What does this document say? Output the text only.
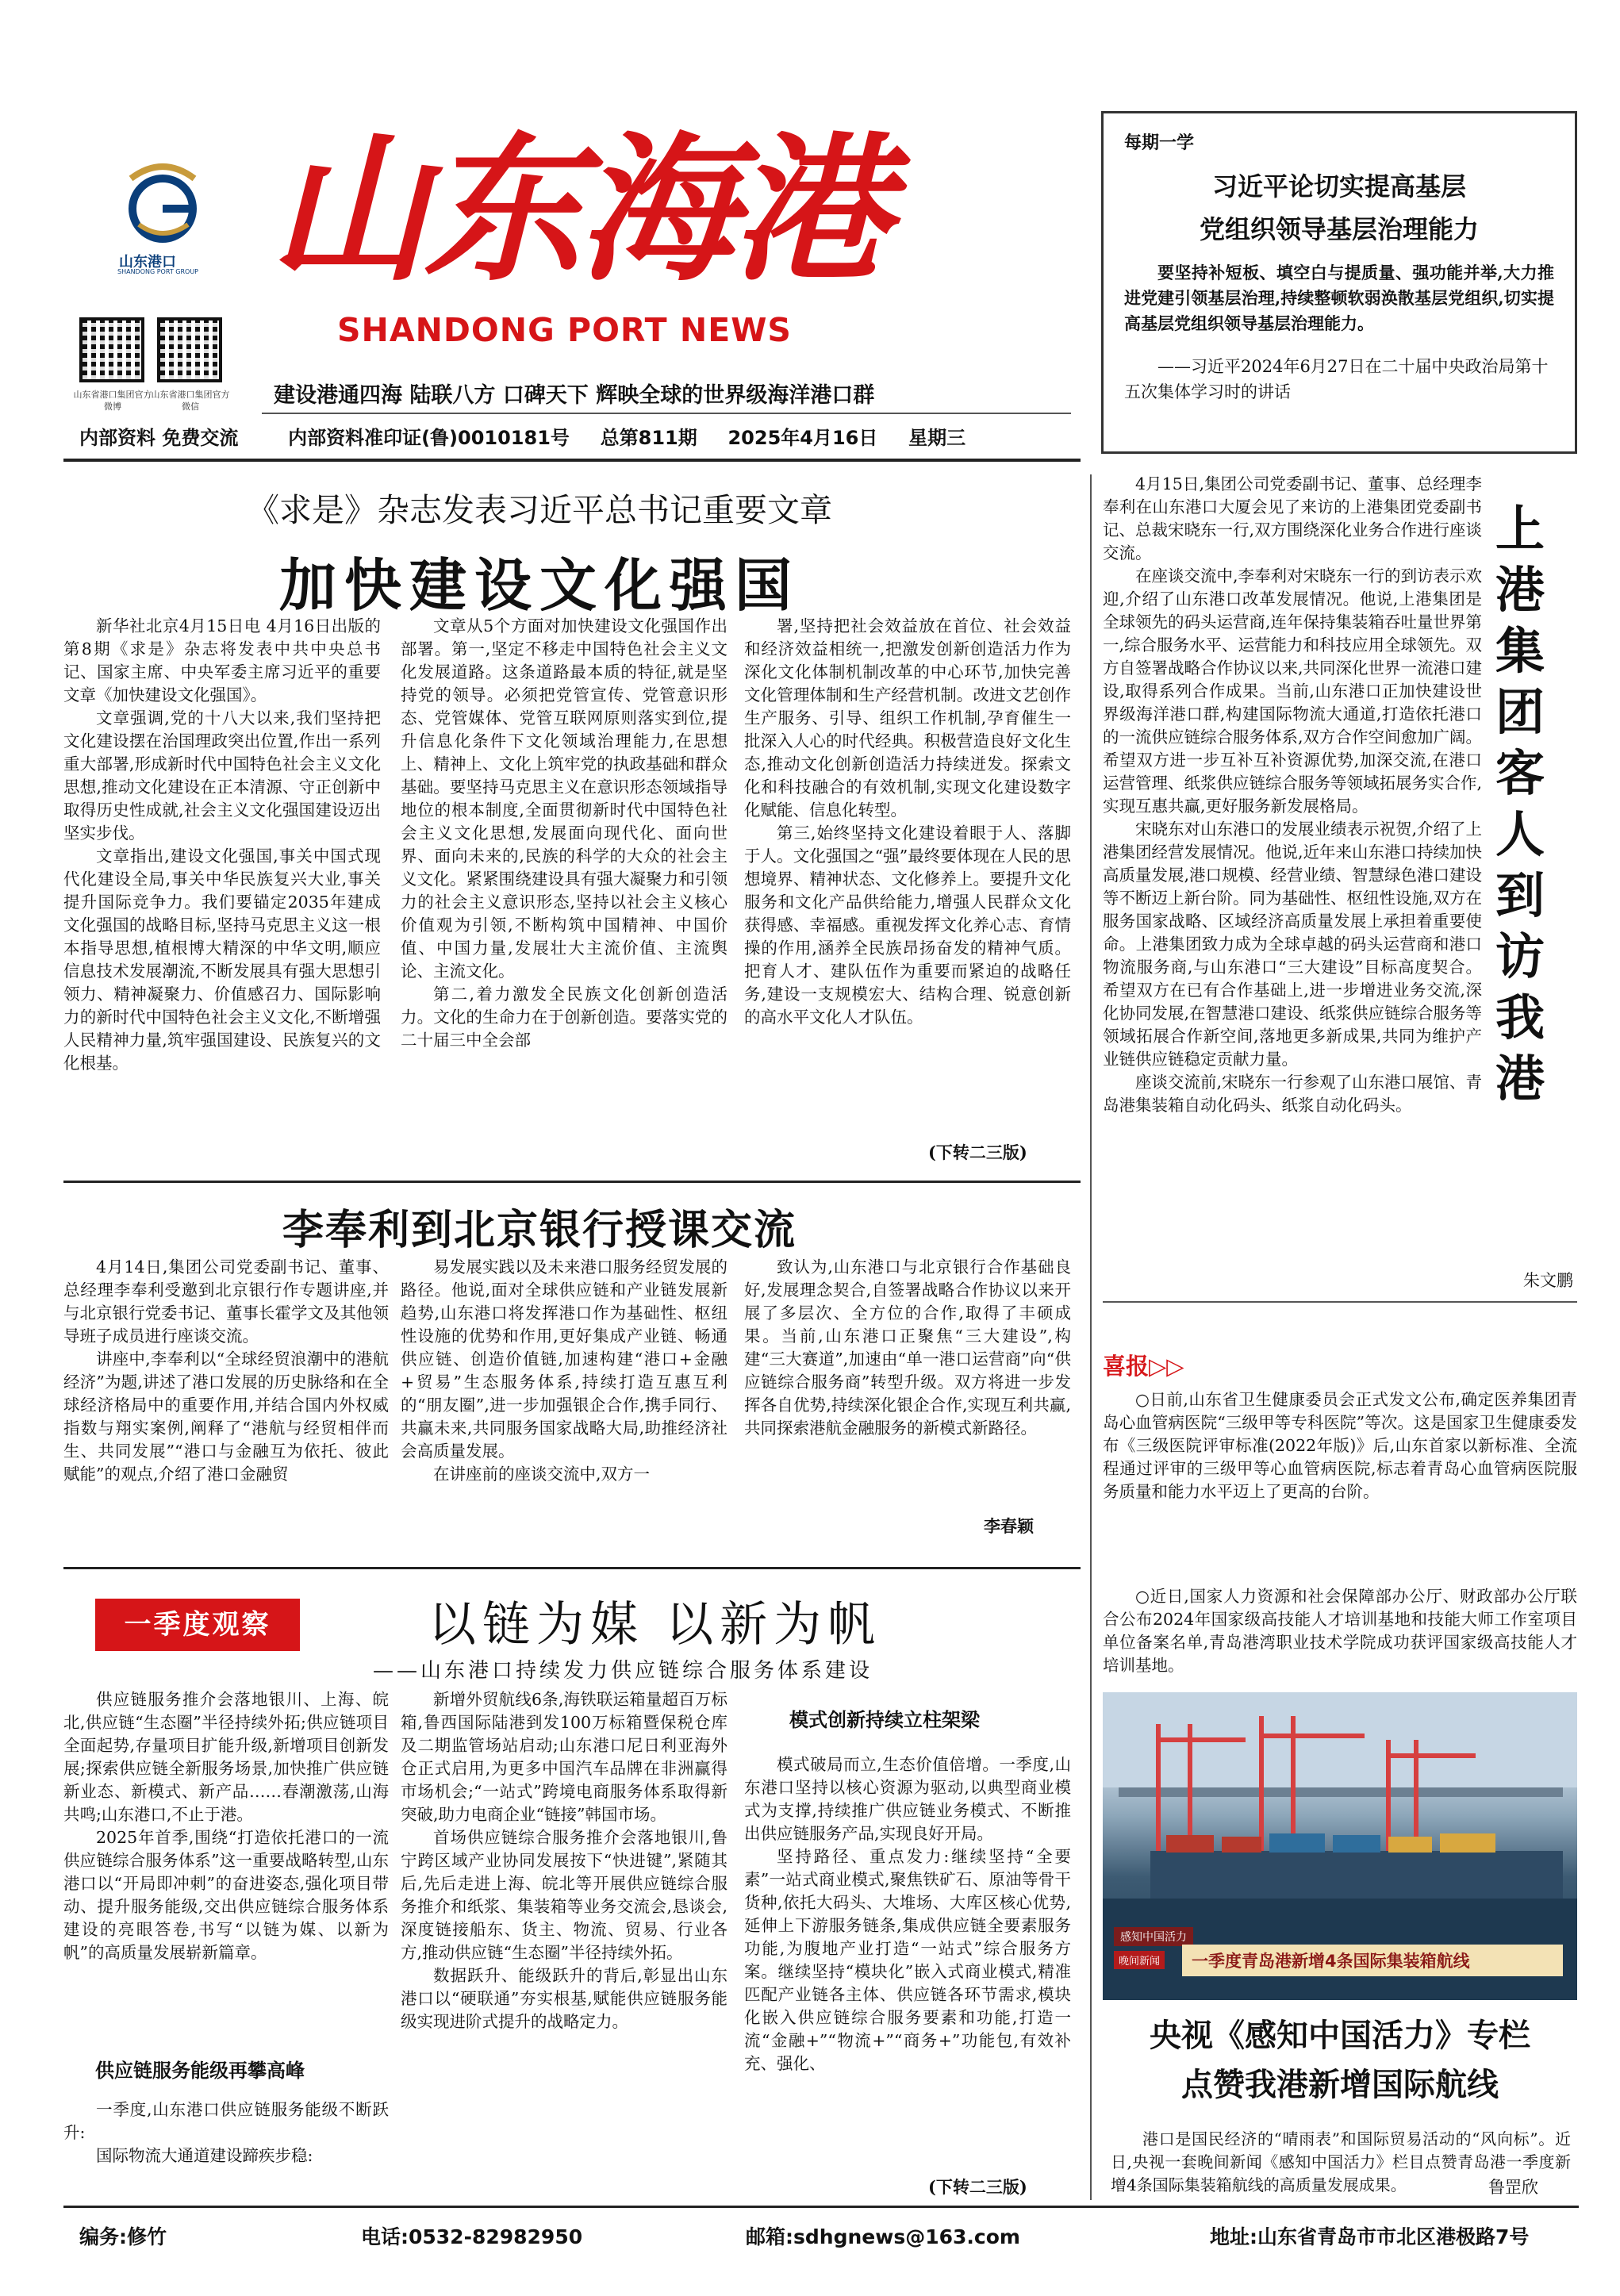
山东港口
SHANDONG PORT GROUP 山东海港
SHANDONG PORT NEWS
山东省港口集团官方微博
山东省港口集团官方微信	建设港通四海 陆联八方 口碑天下 辉映全球的世界级海洋港口群
内部资料 免费交流	内部资料准印证(鲁)0010181号 总第811期 2025年4月16日 星期三
每期一学
习近平论切实提高基层
党组织领导基层治理能力
要坚持补短板、填空白与提质量、强功能并举,大力推进党建引领基层治理,持续整顿软弱涣散基层党组织,切实提高基层党组织领导基层治理能力。
——习近平2024年6月27日在二十届中央政治局第十五次集体学习时的讲话
《求是》杂志发表习近平总书记重要文章
加快建设文化强国

新华社北京4月15日电 4月16日出版的第8期《求是》杂志将发表中共中央总书记、国家主席、中央军委主席习近平的重要文章《加快建设文化强国》。

文章强调,党的十八大以来,我们坚持把文化建设摆在治国理政突出位置,作出一系列重大部署,形成新时代中国特色社会主义文化思想,推动文化建设在正本清源、守正创新中取得历史性成就,社会主义文化强国建设迈出坚实步伐。

文章指出,建设文化强国,事关中国式现代化建设全局,事关中华民族复兴大业,事关提升国际竞争力。我们要锚定2035年建成文化强国的战略目标,坚持马克思主义这一根本指导思想,植根博大精深的中华文明,顺应信息技术发展潮流,不断发展具有强大思想引领力、精神凝聚力、价值感召力、国际影响力的新时代中国特色社会主义文化,不断增强人民精神力量,筑牢强国建设、民族复兴的文化根基。

文章从5个方面对加快建设文化强国作出部署。第一,坚定不移走中国特色社会主义文化发展道路。这条道路最本质的特征,就是坚持党的领导。必须把党管宣传、党管意识形态、党管媒体、党管互联网原则落实到位,提升信息化条件下文化领域治理能力,在思想上、精神上、文化上筑牢党的执政基础和群众基础。要坚持马克思主义在意识形态领域指导地位的根本制度,全面贯彻新时代中国特色社会主义文化思想,发展面向现代化、面向世界、面向未来的,民族的科学的大众的社会主义文化。紧紧围绕建设具有强大凝聚力和引领力的社会主义意识形态,坚持以社会主义核心价值观为引领,不断构筑中国精神、中国价值、中国力量,发展壮大主流价值、主流舆论、主流文化。

第二,着力激发全民族文化创新创造活力。文化的生命力在于创新创造。要落实党的二十届三中全会部

署,坚持把社会效益放在首位、社会效益和经济效益相统一,把激发创新创造活力作为深化文化体制机制改革的中心环节,加快完善文化管理体制和生产经营机制。改进文艺创作生产服务、引导、组织工作机制,孕育催生一批深入人心的时代经典。积极营造良好文化生态,推动文化创新创造活力持续迸发。探索文化和科技融合的有效机制,实现文化建设数字化赋能、信息化转型。

第三,始终坚持文化建设着眼于人、落脚于人。文化强国之“强”最终要体现在人民的思想境界、精神状态、文化修养上。要提升文化服务和文化产品供给能力,增强人民群众文化获得感、幸福感。重视发挥文化养心志、育情操的作用,涵养全民族昂扬奋发的精神气质。把育人才、建队伍作为重要而紧迫的战略任务,建设一支规模宏大、结构合理、锐意创新的高水平文化人才队伍。

(下转二三版)
上港集团客人到访我港

4月15日,集团公司党委副书记、董事、总经理李奉利在山东港口大厦会见了来访的上港集团党委副书记、总裁宋晓东一行,双方围绕深化业务合作进行座谈交流。

在座谈交流中,李奉利对宋晓东一行的到访表示欢迎,介绍了山东港口改革发展情况。他说,上港集团是全球领先的码头运营商,连年保持集装箱吞吐量世界第一,综合服务水平、运营能力和科技应用全球领先。双方自签署战略合作协议以来,共同深化世界一流港口建设,取得系列合作成果。当前,山东港口正加快建设世界级海洋港口群,构建国际物流大通道,打造依托港口的一流供应链综合服务体系,双方合作空间愈加广阔。希望双方进一步互补互补资源优势,加深交流,在港口运营管理、纸浆供应链综合服务等领域拓展务实合作,实现互惠共赢,更好服务新发展格局。

宋晓东对山东港口的发展业绩表示祝贺,介绍了上港集团经营发展情况。他说,近年来山东港口持续加快高质量发展,港口规模、经营业绩、智慧绿色港口建设等不断迈上新台阶。同为基础性、枢纽性设施,双方在服务国家战略、区域经济高质量发展上承担着重要使命。上港集团致力成为全球卓越的码头运营商和港口物流服务商,与山东港口“三大建设”目标高度契合。希望双方在已有合作基础上,进一步增进业务交流,深化协同发展,在智慧港口建设、纸浆供应链综合服务等领域拓展合作新空间,落地更多新成果,共同为维护产业链供应链稳定贡献力量。

座谈交流前,宋晓东一行参观了山东港口展馆、青岛港集装箱自动化码头、纸浆自动化码头。

朱文鹏
喜报▷▷

○日前,山东省卫生健康委员会正式发文公布,确定医养集团青岛心血管病医院“三级甲等专科医院”等次。这是国家卫生健康委发布《三级医院评审标准(2022年版)》后,山东首家以新标准、全流程通过评审的三级甲等心血管病医院,标志着青岛心血管病医院服务质量和能力水平迈上了更高的台阶。

○近日,国家人力资源和社会保障部办公厅、财政部办公厅联合公布2024年国家级高技能人才培训基地和技能大师工作室项目单位备案名单,青岛港湾职业技术学院成功获评国家级高技能人才培训基地。

感知中国活力
晚间新闻	一季度青岛港新增4条国际集装箱航线
央视《感知中国活力》专栏
点赞我港新增国际航线
港口是国民经济的“晴雨表”和国际贸易活动的“风向标”。近日,央视一套晚间新闻《感知中国活力》栏目点赞青岛港一季度新增4条国际集装箱航线的高质量发展成果。	鲁罡欣
李奉利到北京银行授课交流

4月14日,集团公司党委副书记、董事、总经理李奉利受邀到北京银行作专题讲座,并与北京银行党委书记、董事长霍学文及其他领导班子成员进行座谈交流。

讲座中,李奉利以“全球经贸浪潮中的港航经济”为题,讲述了港口发展的历史脉络和在全球经济格局中的重要作用,并结合国内外权威指数与翔实案例,阐释了“港航与经贸相伴而生、共同发展”“港口与金融互为依托、彼此赋能”的观点,介绍了港口金融贸

易发展实践以及未来港口服务经贸发展的路径。他说,面对全球供应链和产业链发展新趋势,山东港口将发挥港口作为基础性、枢纽性设施的优势和作用,更好集成产业链、畅通供应链、创造价值链,加速构建“港口+金融+贸易”生态服务体系,持续打造互惠互利的“朋友圈”,进一步加强银企合作,携手同行、共赢未来,共同服务国家战略大局,助推经济社会高质量发展。

在讲座前的座谈交流中,双方一

致认为,山东港口与北京银行合作基础良好,发展理念契合,自签署战略合作协议以来开展了多层次、全方位的合作,取得了丰硕成果。当前,山东港口正聚焦“三大建设”,构建“三大赛道”,加速由“单一港口运营商”向“供应链综合服务商”转型升级。双方将进一步发挥各自优势,持续深化银企合作,实现互利共赢,共同探索港航金融服务的新模式新路径。

李春颖
一季度观察	以链为媒 以新为帆
——山东港口持续发力供应链综合服务体系建设

供应链服务推介会落地银川、上海、皖北,供应链“生态圈”半径持续外拓;供应链项目全面起势,存量项目扩能升级,新增项目创新发展;探索供应链全新服务场景,加快推广供应链新业态、新模式、新产品……春潮激荡,山海共鸣;山东港口,不止于港。

2025年首季,围绕“打造依托港口的一流供应链综合服务体系”这一重要战略转型,山东港口以“开局即冲刺”的奋进姿态,强化项目带动、提升服务能级,交出供应链综合服务体系建设的亮眼答卷,书写“以链为媒、以新为帆”的高质量发展崭新篇章。

供应链服务能级再攀高峰

一季度,山东港口供应链服务能级不断跃升:

国际物流大通道建设蹄疾步稳:

新增外贸航线6条,海铁联运箱量超百万标箱,鲁西国际陆港到发100万标箱暨保税仓库及二期监管场站启动;山东港口尼日利亚海外仓正式启用,为更多中国汽车品牌在非洲赢得市场机会;“一站式”跨境电商服务体系取得新突破,助力电商企业“链接”韩国市场。

首场供应链综合服务推介会落地银川,鲁宁跨区域产业协同发展按下“快进键”,紧随其后,先后走进上海、皖北等开展供应链综合服务推介和纸浆、集装箱等业务交流会,恳谈会,深度链接船东、货主、物流、贸易、行业各方,推动供应链“生态圈”半径持续外拓。

数据跃升、能级跃升的背后,彰显出山东港口以“硬联通”夯实根基,赋能供应链服务能级实现进阶式提升的战略定力。

模式创新持续立柱架梁

模式破局而立,生态价值倍增。一季度,山东港口坚持以核心资源为驱动,以典型商业模式为支撑,持续推广供应链业务模式、不断推出供应链服务产品,实现良好开局。

坚持路径、重点发力:继续坚持“全要素”一站式商业模式,聚焦铁矿石、原油等骨干货种,依托大码头、大堆场、大库区核心优势,延伸上下游服务链条,集成供应链全要素服务功能,为腹地产业打造“一站式”综合服务方案。继续坚持“模块化”嵌入式商业模式,精准匹配产业链各主体、供应链各环节需求,模块化嵌入供应链综合服务要素和功能,打造一流“金融+”“物流+”“商务+”功能包,有效补充、强化、

(下转二三版)
编务:修竹	电话:0532-82982950	邮箱:sdhgnews@163.com	地址:山东省青岛市市北区港极路7号
